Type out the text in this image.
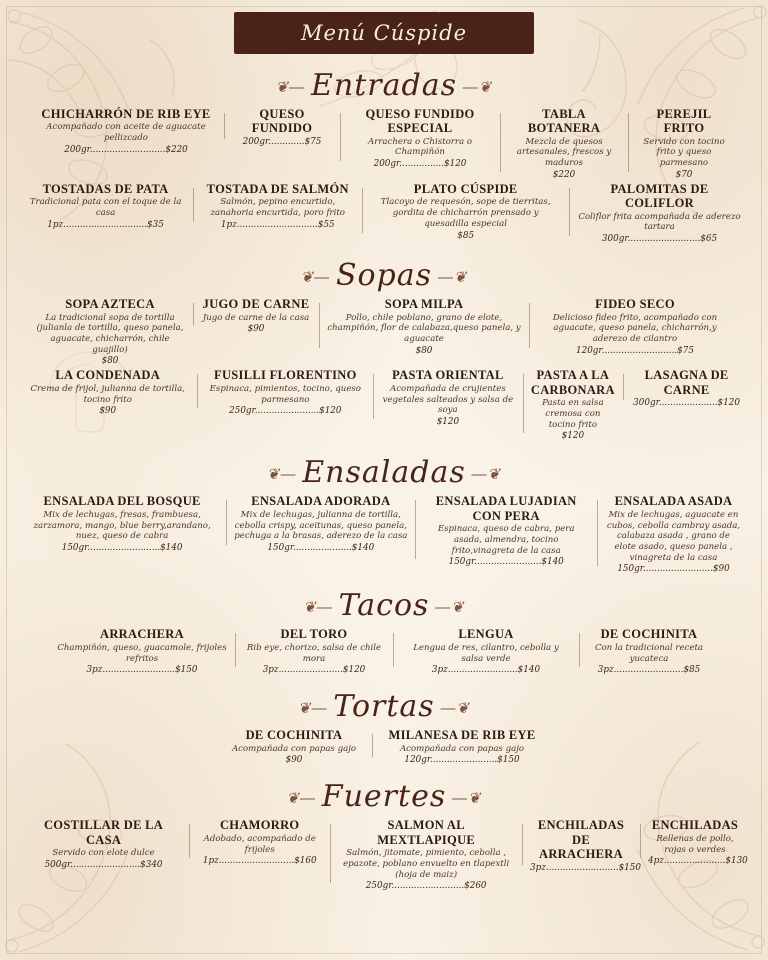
Menú Cúspide
❦― Entradas ―❦
CHICHARRÓN DE RIB EYE
Acompañado con aceite de aguacate pellizcado
200gr...........................$220
QUESO FUNDIDO
200gr.............$75
QUESO FUNDIDO ESPECIAL
Arrachera o Chistorra o Champiñón
200gr................$120
TABLA BOTANERA
Mezcla de quesos artesanales, frescos y maduros
$220
PEREJIL FRITO
Servido con tocino frito y queso parmesano
$70
TOSTADAS DE PATA
Tradicional pata con el toque de la casa
1pz..............................$35
TOSTADA DE SALMÓN
Salmón, pepino encurtido, zanahoria encurtida, poro frito
1pz.............................$55
PLATO CÚSPIDE
Tlacoyo de requesón, sope de tierritas, gordita de chicharrón prensado y quesadilla especial
$85
PALOMITAS DE COLIFLOR
Coliflor frita acompañada de aderezo tartara
300gr..........................$65
❦― Sopas ―❦
SOPA AZTECA
La tradicional sopa de tortilla (julianla de tortilla, queso panela, aguacate, chicharrón, chile guajillo)
$80
JUGO DE CARNE
Jugo de carne de la casa
$90
SOPA MILPA
Pollo, chile poblano, grano de elote, champiñón, flor de calabaza,queso panela, y aguacate
$80
FIDEO SECO
Delicioso fideo frito, acompañado con aguacate, queso panela, chicharrón,y aderezo de cilantro
120gr...........................$75
LA CONDENADA
Crema de frijol, julianna de tortilla, tocino frito
$90
FUSILLI FLORENTINO
Espinaca, pimientos, tocino, queso parmesano
250gr.......................$120
PASTA ORIENTAL
Acompañada de crujientes vegetales salteados y salsa de soya
$120
PASTA A LA CARBONARA
Pasta en salsa cremosa con tocino frito
$120
LASAGNA DE CARNE
300gr.....................$120
❦― Ensaladas ―❦
ENSALADA DEL BOSQUE
Mix de lechugas, fresas, frambuesa, zarzamora, mango, blue berry,arandano, nuez, queso de cabra
150gr..........................$140
ENSALADA ADORADA
Mix de lechugas, julianna de tortilla, cebolla crispy, aceitunas, queso panela, pechuga a la brasas, aderezo de la casa
150gr.....................$140
ENSALADA LUJADIAN CON PERA
Espinaca, queso de cabra, pera asada, almendra, tocino frito,vinagreta de la casa
150gr........................$140
ENSALADA ASADA
Mix de lechugas, aguacate en cubos, cebolla cambray asada, calabaza asada , grano de elote asado, queso panela , vinagreta de la casa
150gr.........................$90
❦― Tacos ―❦
ARRACHERA
Champiñón, queso, guacamole, frijoles refritos
3pz..........................$150
DEL TORO
Rib eye, chorizo, salsa de chile mora
3pz.......................$120
LENGUA
Lengua de res, cilantro, cebolla y salsa verde
3pz.........................$140
DE COCHINITA
Con la tradicional receta yucateca
3pz.........................$85
❦― Tortas ―❦
DE COCHINITA
Acompañada con papas gajo
$90
MILANESA DE RIB EYE
Acompañada con papas gajo
120gr........................$150
❦― Fuertes ―❦
COSTILLAR DE LA CASA
Servido con elote dulce
500gr.........................$340
CHAMORRO
Adobado, acompañado de frijoles
1pz...........................$160
SALMON AL MEXTLAPIQUE
Salmón, jitomate, pimiento, cebolla , epazote, poblano envuelto en tlapextli (hoja de maiz)
250gr..........................$260
ENCHILADAS DE ARRACHERA
3pz..........................$150
ENCHILADAS
Rellenas de pollo, rojas o verdes
4pz......................$130
